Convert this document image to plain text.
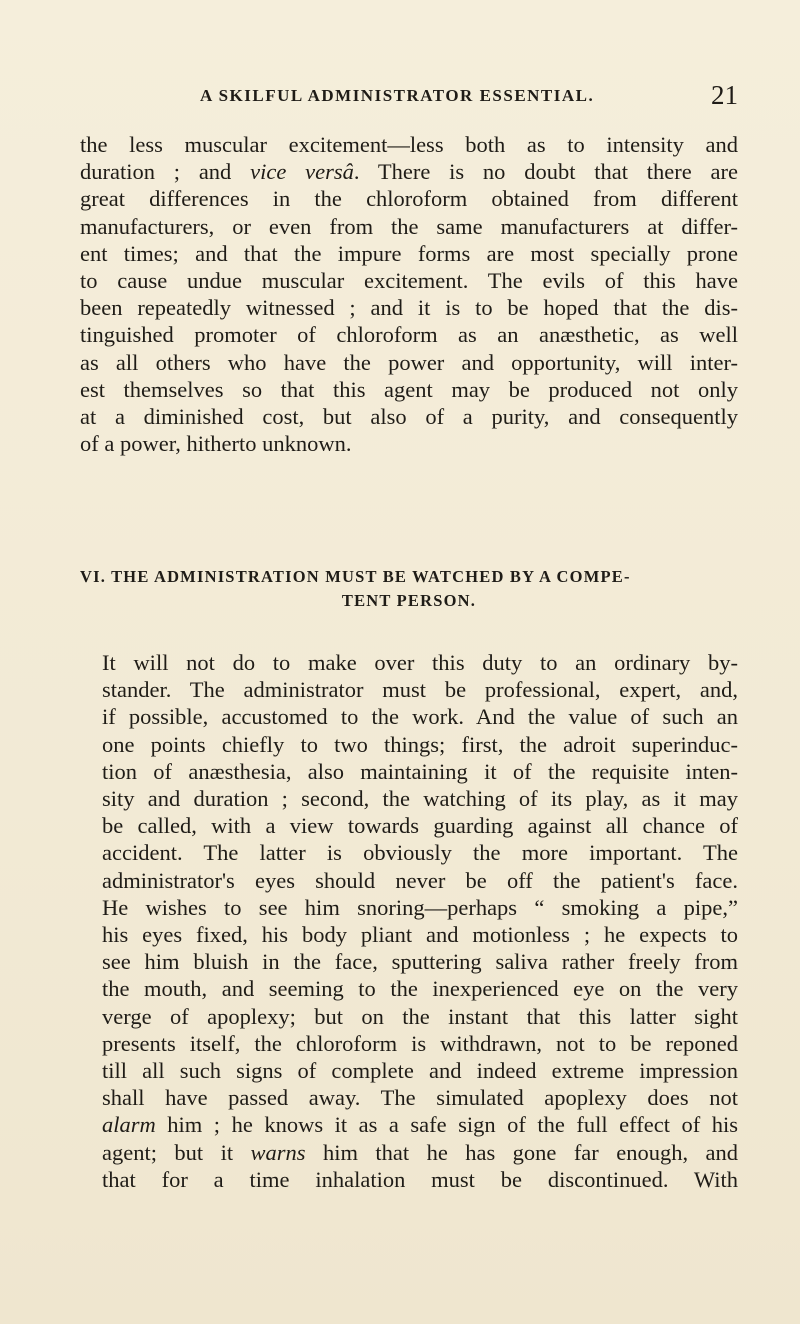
A SKILFUL ADMINISTRATOR ESSENTIAL.	21
the less muscular excitement—less both as to intensity and
duration ; and vice versâ. There is no doubt that there are
great differences in the chloroform obtained from different
manufacturers, or even from the same manufacturers at differ-
ent times; and that the impure forms are most specially prone
to cause undue muscular excitement. The evils of this have
been repeatedly witnessed ; and it is to be hoped that the dis-
tinguished promoter of chloroform as an anæsthetic, as well
as all others who have the power and opportunity, will inter-
est themselves so that this agent may be produced not only
at a diminished cost, but also of a purity, and consequently
of a power, hitherto unknown.
VI. THE ADMINISTRATION MUST BE WATCHED BY A COMPE-
TENT PERSON.
It will not do to make over this duty to an ordinary by-
stander. The administrator must be professional, expert, and,
if possible, accustomed to the work. And the value of such an
one points chiefly to two things; first, the adroit superinduc-
tion of anæsthesia, also maintaining it of the requisite inten-
sity and duration ; second, the watching of its play, as it may
be called, with a view towards guarding against all chance of
accident. The latter is obviously the more important. The
administrator's eyes should never be off the patient's face.
He wishes to see him snoring—perhaps “ smoking a pipe,”
his eyes fixed, his body pliant and motionless ; he expects to
see him bluish in the face, sputtering saliva rather freely from
the mouth, and seeming to the inexperienced eye on the very
verge of apoplexy; but on the instant that this latter sight
presents itself, the chloroform is withdrawn, not to be reponed
till all such signs of complete and indeed extreme impression
shall have passed away. The simulated apoplexy does not
alarm him ; he knows it as a safe sign of the full effect of his
agent; but it warns him that he has gone far enough, and
that for a time inhalation must be discontinued. With
